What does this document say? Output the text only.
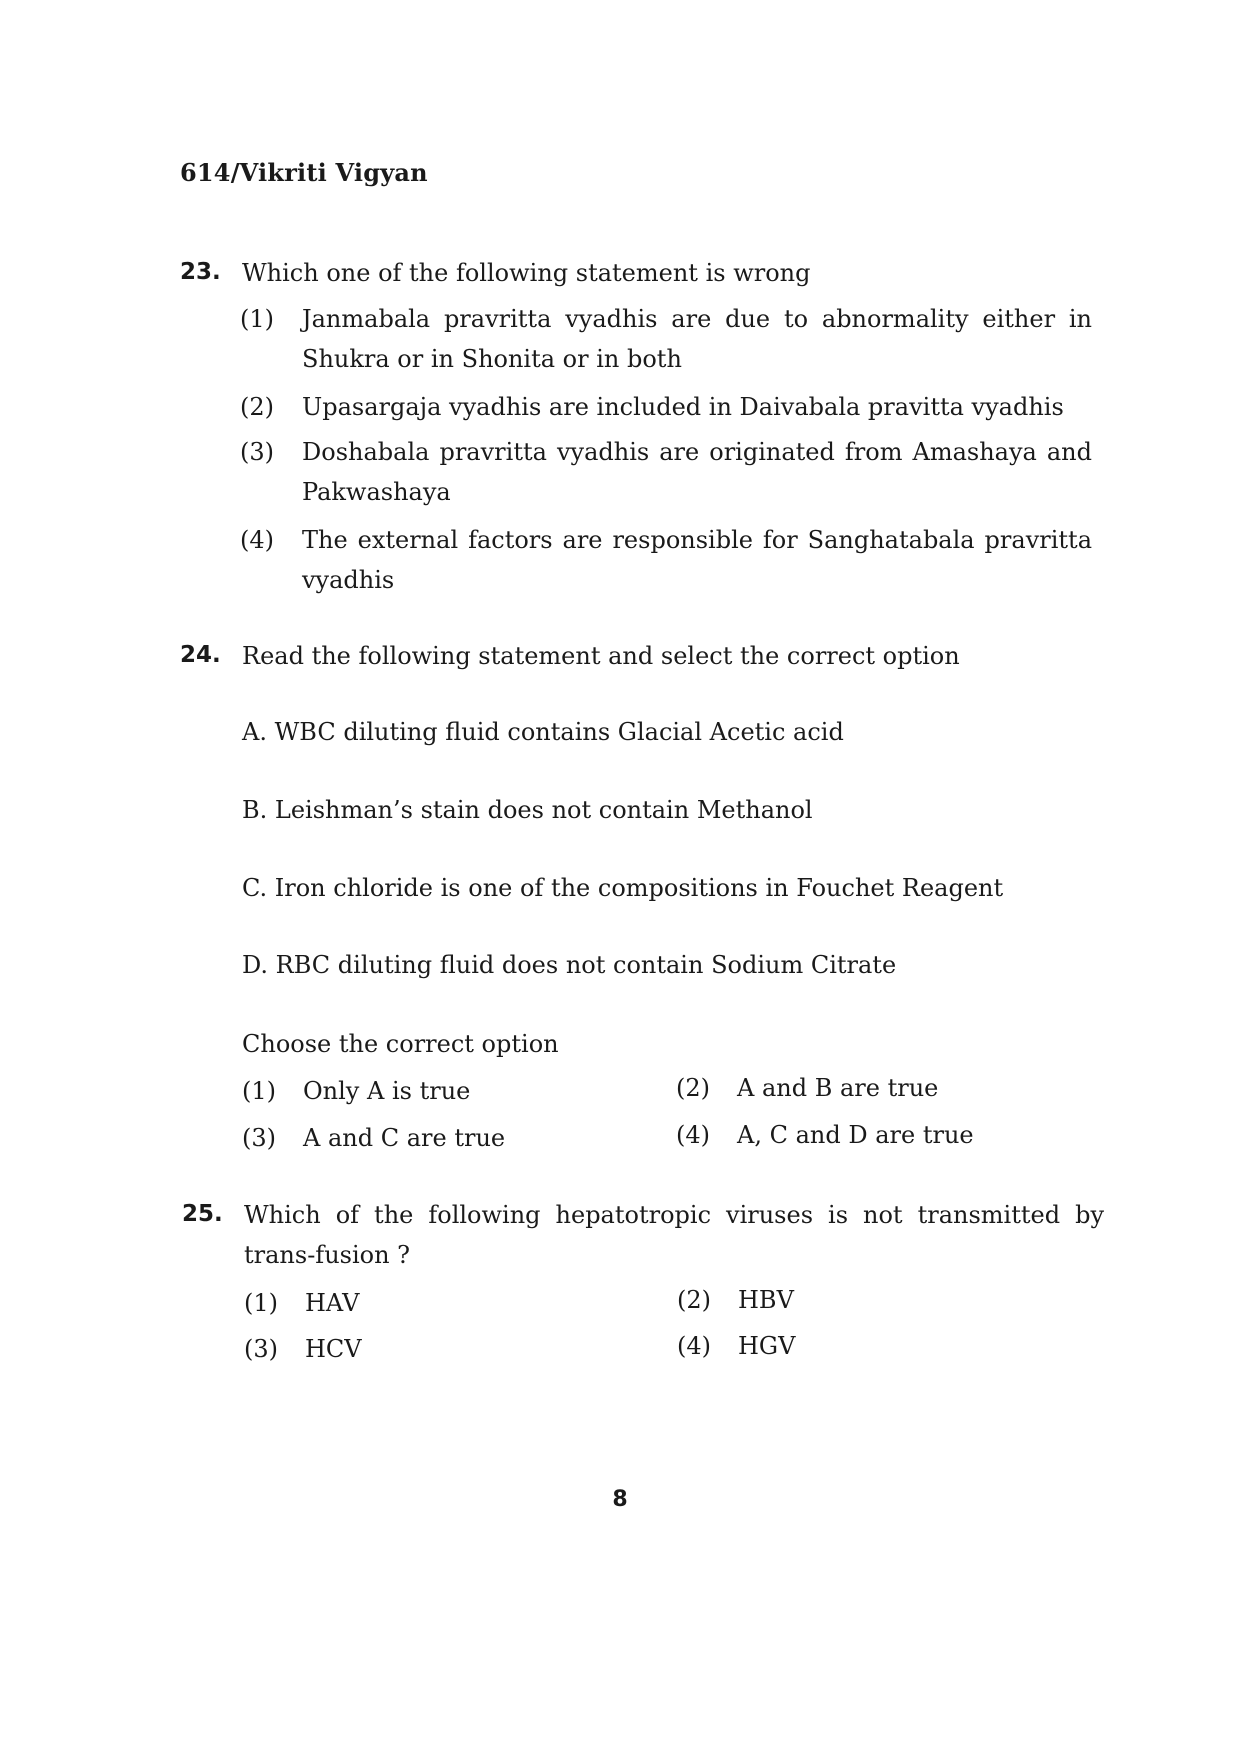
614/Vikriti Vigyan
23. Which one of the following statement is wrong
(1) Janmabala pravritta vyadhis are due to abnormality either in Shukra or in Shonita or in both
(2) Upasargaja vyadhis are included in Daivabala pravitta vyadhis
(3) Doshabala pravritta vyadhis are originated from Amashaya and Pakwashaya
(4) The external factors are responsible for Sanghatabala pravritta vyadhis
24. Read the following statement and select the correct option
A. WBC diluting fluid contains Glacial Acetic acid
B. Leishman’s stain does not contain Methanol
C. Iron chloride is one of the compositions in Fouchet Reagent
D. RBC diluting fluid does not contain Sodium Citrate
Choose the correct option
(1) Only A is true	(2) A and B are true
(3) A and C are true	(4) A, C and D are true
25. Which of the following hepatotropic viruses is not transmitted by trans-fusion ?
(1) HAV	(2) HBV
(3) HCV	(4) HGV
8
